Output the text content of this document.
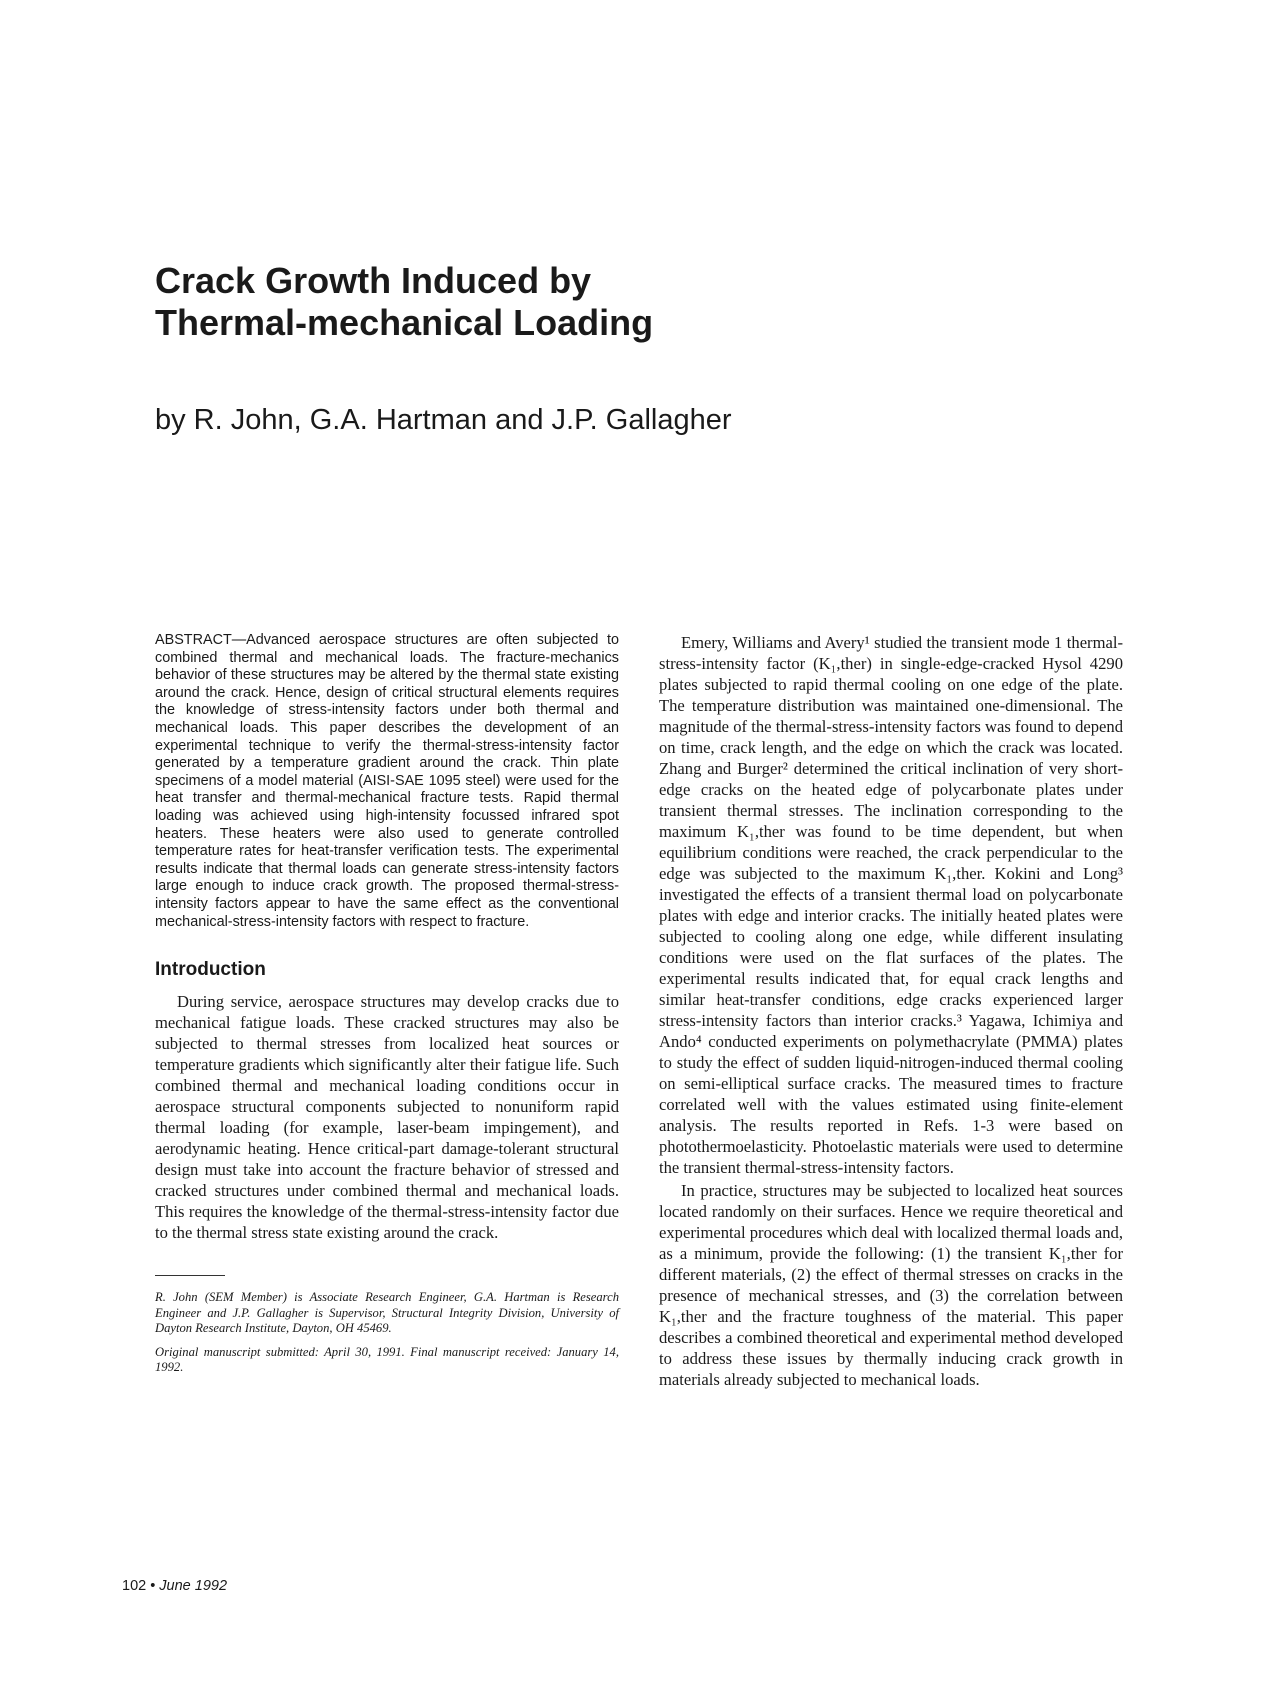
Crack Growth Induced by
Thermal-mechanical Loading
by R. John, G.A. Hartman and J.P. Gallagher

ABSTRACT—Advanced aerospace structures are often subjected to combined thermal and mechanical loads. The fracture-mechanics behavior of these structures may be altered by the thermal state existing around the crack. Hence, design of critical structural elements requires the knowledge of stress-intensity factors under both thermal and mechanical loads. This paper describes the development of an experimental technique to verify the thermal-stress-intensity factor generated by a temperature gradient around the crack. Thin plate specimens of a model material (AISI-SAE 1095 steel) were used for the heat transfer and thermal-mechanical fracture tests. Rapid thermal loading was achieved using high-intensity focussed infrared spot heaters. These heaters were also used to generate controlled temperature rates for heat-transfer verification tests. The experimental results indicate that thermal loads can generate stress-intensity factors large enough to induce crack growth. The proposed thermal-stress-intensity factors appear to have the same effect as the conventional mechanical-stress-intensity factors with respect to fracture.

Introduction

During service, aerospace structures may develop cracks due to mechanical fatigue loads. These cracked structures may also be subjected to thermal stresses from localized heat sources or temperature gradients which significantly alter their fatigue life. Such combined thermal and mechanical loading conditions occur in aerospace structural components subjected to nonuniform rapid thermal loading (for example, laser-beam impingement), and aerodynamic heating. Hence critical-part damage-tolerant structural design must take into account the fracture behavior of stressed and cracked structures under combined thermal and mechanical loads. This requires the knowledge of the thermal-stress-intensity factor due to the thermal stress state existing around the crack.

R. John (SEM Member) is Associate Research Engineer, G.A. Hartman is Research Engineer and J.P. Gallagher is Supervisor, Structural Integrity Division, University of Dayton Research Institute, Dayton, OH 45469.

Original manuscript submitted: April 30, 1991. Final manuscript received: January 14, 1992.

Emery, Williams and Avery¹ studied the transient mode 1 thermal-stress-intensity factor (K₁,ther) in single-edge-cracked Hysol 4290 plates subjected to rapid thermal cooling on one edge of the plate. The temperature distribution was maintained one-dimensional. The magnitude of the thermal-stress-intensity factors was found to depend on time, crack length, and the edge on which the crack was located. Zhang and Burger² determined the critical inclination of very short-edge cracks on the heated edge of polycarbonate plates under transient thermal stresses. The inclination corresponding to the maximum K₁,ther was found to be time dependent, but when equilibrium conditions were reached, the crack perpendicular to the edge was subjected to the maximum K₁,ther. Kokini and Long³ investigated the effects of a transient thermal load on polycarbonate plates with edge and interior cracks. The initially heated plates were subjected to cooling along one edge, while different insulating conditions were used on the flat surfaces of the plates. The experimental results indicated that, for equal crack lengths and similar heat-transfer conditions, edge cracks experienced larger stress-intensity factors than interior cracks.³ Yagawa, Ichimiya and Ando⁴ conducted experiments on polymethacrylate (PMMA) plates to study the effect of sudden liquid-nitrogen-induced thermal cooling on semi-elliptical surface cracks. The measured times to fracture correlated well with the values estimated using finite-element analysis. The results reported in Refs. 1-3 were based on photothermoelasticity. Photoelastic materials were used to determine the transient thermal-stress-intensity factors.

In practice, structures may be subjected to localized heat sources located randomly on their surfaces. Hence we require theoretical and experimental procedures which deal with localized thermal loads and, as a minimum, provide the following: (1) the transient K₁,ther for different materials, (2) the effect of thermal stresses on cracks in the presence of mechanical stresses, and (3) the correlation between K₁,ther and the fracture toughness of the material. This paper describes a combined theoretical and experimental method developed to address these issues by thermally inducing crack growth in materials already subjected to mechanical loads.

102 • June 1992
